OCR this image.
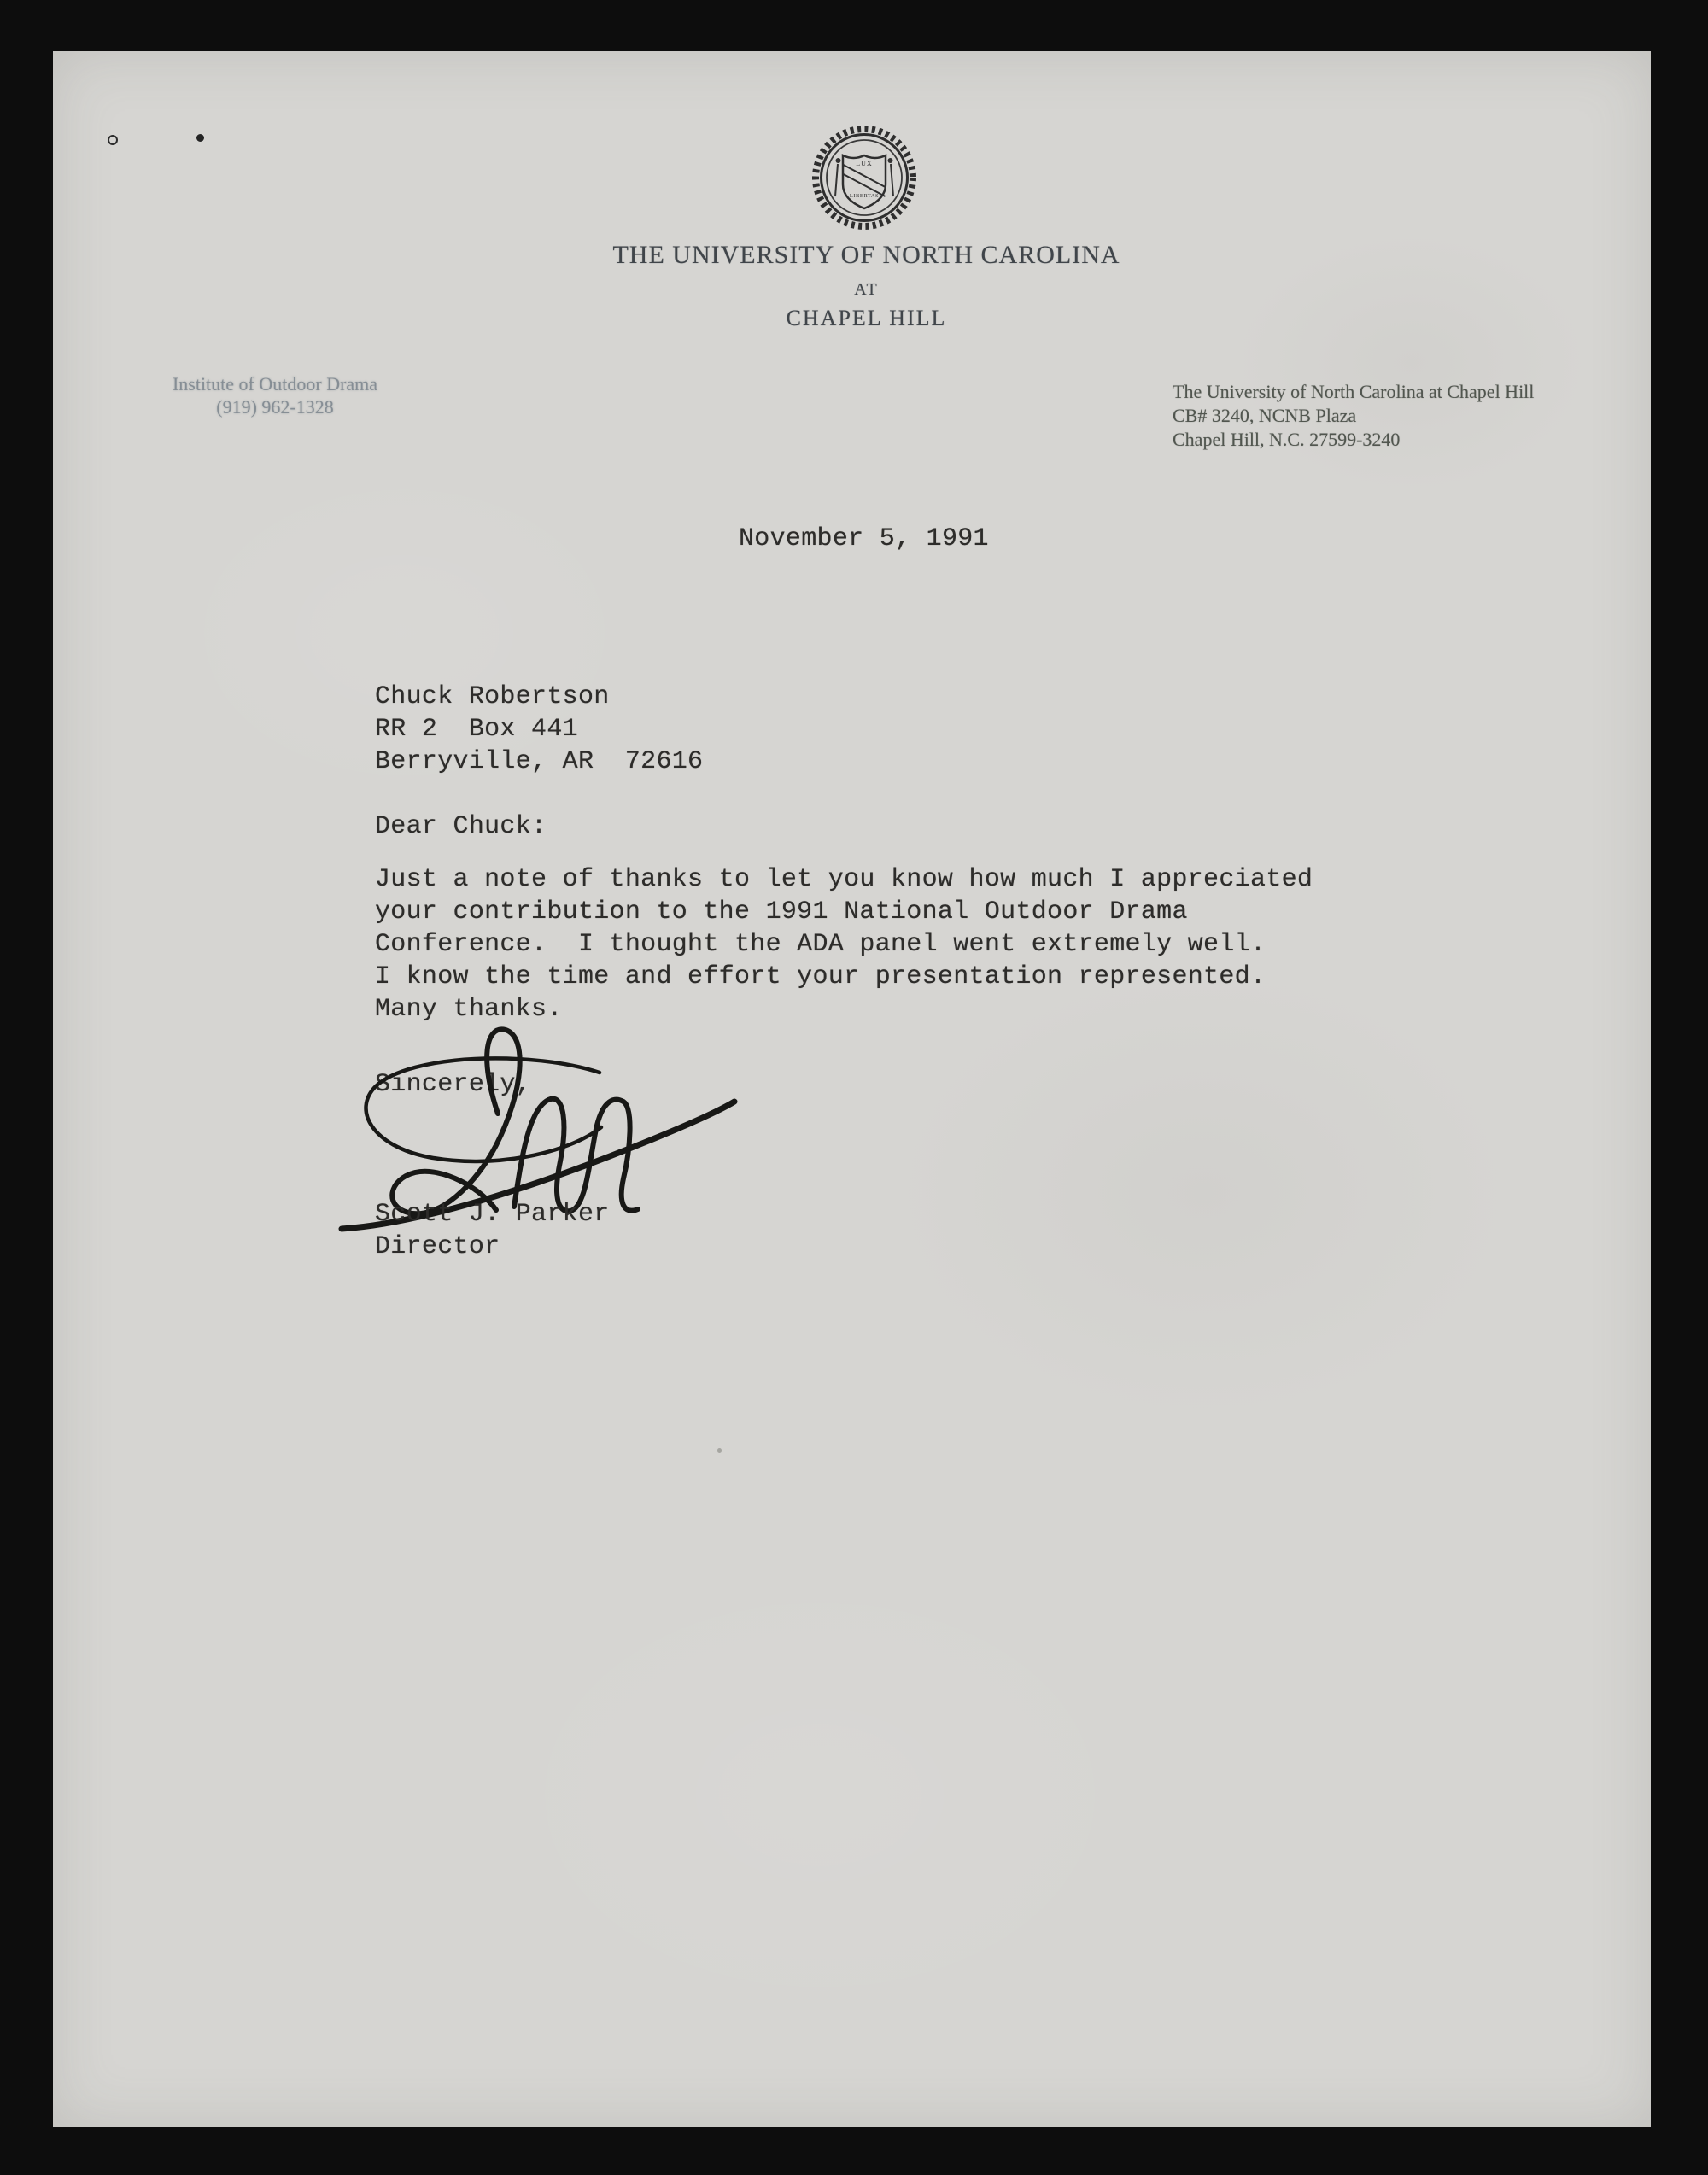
LUX
LIBERTAS
THE UNIVERSITY OF NORTH CAROLINA
AT
CHAPEL HILL
Institute of Outdoor Drama
(919) 962-1328
The University of North Carolina at Chapel Hill
CB# 3240, NCNB Plaza
Chapel Hill, N.C. 27599-3240
November 5, 1991
Chuck Robertson
RR 2  Box 441
Berryville, AR  72616
Dear Chuck:
Just a note of thanks to let you know how much I appreciated
your contribution to the 1991 National Outdoor Drama
Conference.  I thought the ADA panel went extremely well.
I know the time and effort your presentation represented.
Many thanks.
Sincerely,
Scott J. Parker
Director
